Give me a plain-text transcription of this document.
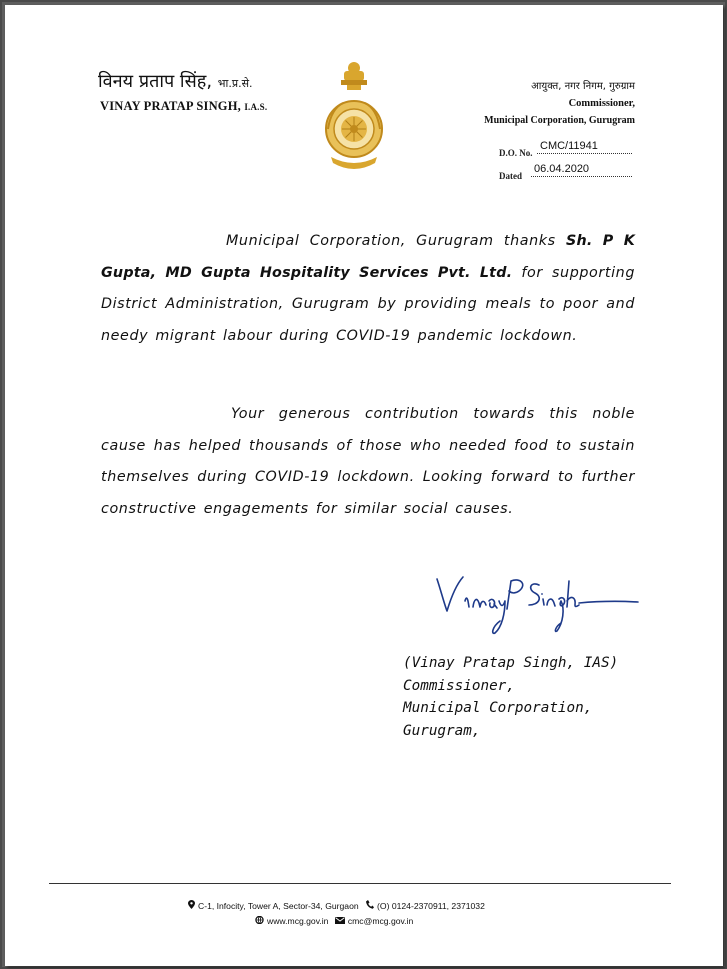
विनय प्रताप सिंह, भा.प्र.से.
VINAY PRATAP SINGH, I.A.S.
आयुक्त, नगर निगम, गुरुग्राम
Commissioner,
Municipal Corporation, Gurugram
D.O. No.
CMC/11941
Dated
06.04.2020
Municipal Corporation, Gurugram thanks Sh. P K Gupta, MD Gupta Hospitality Services Pvt. Ltd. for supporting District Administration, Gurugram by providing meals to poor and needy migrant labour during COVID-19 pandemic lockdown.
Your generous contribution towards this noble cause has helped thousands of those who needed food to sustain themselves during COVID-19 lockdown. Looking forward to further constructive engagements for similar social causes.
(Vinay Pratap Singh, IAS)
Commissioner,
Municipal Corporation,
Gurugram,
C-1, Infocity, Tower A, Sector-34, Gurgaon (O) 0124-2370911, 2371032
www.mcg.gov.in cmc@mcg.gov.in
